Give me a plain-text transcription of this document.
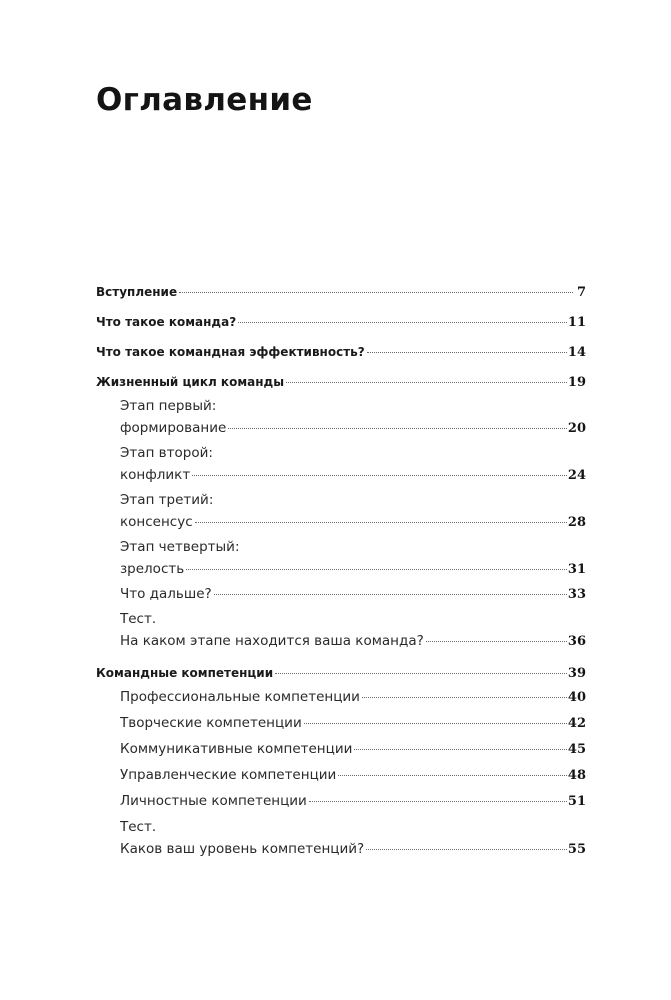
Оглавление
Вступление	7
Что такое команда?	11
Что такое командная эффективность?	14
Жизненный цикл команды	19
Этап первый:
формирование	20
Этап второй:
конфликт	24
Этап третий:
консенсус	28
Этап четвертый:
зрелость	31
Что дальше?	33
Тест.
На каком этапе находится ваша команда?	36
Командные компетенции	39
Профессиональные компетенции	40
Творческие компетенции	42
Коммуникативные компетенции	45
Управленческие компетенции	48
Личностные компетенции	51
Тест.
Каков ваш уровень компетенций?	55
